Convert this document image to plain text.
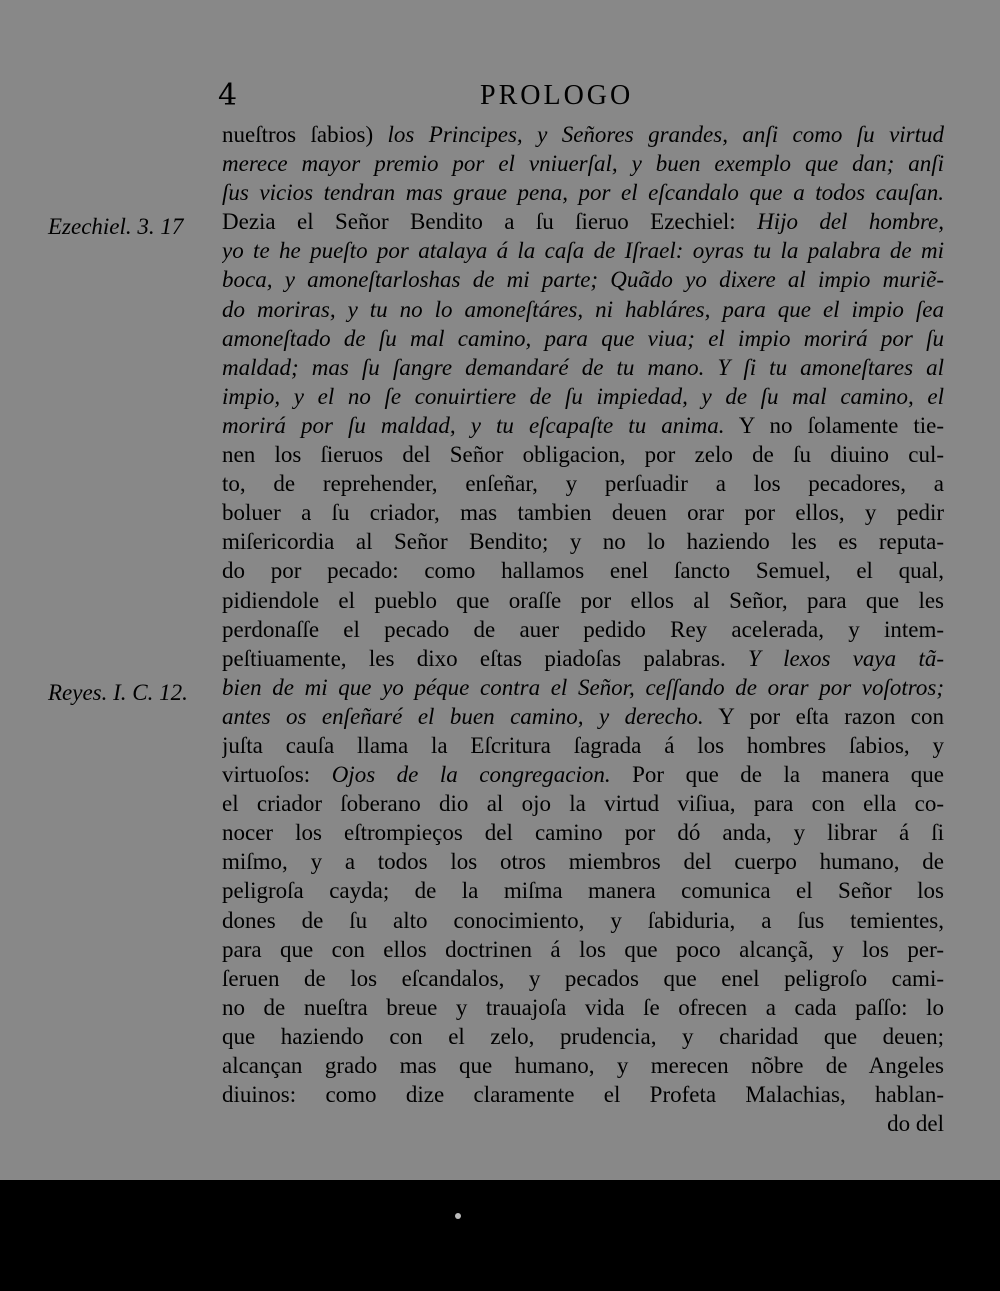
4	PROLOGO
Ezechiel. 3. 17
Reyes. I. C. 12.
nueſtros ſabios) los Principes, y Señores grandes, anſi como ſu virtud
merece mayor premio por el vniuerſal, y buen exemplo que dan; anſi
ſus vicios tendran mas graue pena, por el eſcandalo que a todos cauſan.
Dezia el Señor Bendito a ſu ſieruo Ezechiel: Hijo del hombre,
yo te he pueſto por atalaya á la caſa de Iſrael: oyras tu la palabra de mi
boca, y amoneſtarloshas de mi parte; Quãdo yo dixere al impio muriẽ-
do moriras, y tu no lo amoneſtáres, ni habláres, para que el impio ſea
amoneſtado de ſu mal camino, para que viua; el impio morirá por ſu
maldad; mas ſu ſangre demandaré de tu mano. Y ſi tu amoneſtares al
impio, y el no ſe conuirtiere de ſu impiedad, y de ſu mal camino, el
morirá por ſu maldad, y tu eſcapaſte tu anima. Y no ſolamente tie-
nen los ſieruos del Señor obligacion, por zelo de ſu diuino cul-
to, de reprehender, enſeñar, y perſuadir a los pecadores, a
boluer a ſu criador, mas tambien deuen orar por ellos, y pedir
miſericordia al Señor Bendito; y no lo haziendo les es reputa-
do por pecado: como hallamos enel ſancto Semuel, el qual,
pidiendole el pueblo que oraſſe por ellos al Señor, para que les
perdonaſſe el pecado de auer pedido Rey acelerada, y intem-
peſtiuamente, les dixo eſtas piadoſas palabras. Y lexos vaya tã-
bien de mi que yo péque contra el Señor, ceſſando de orar por voſotros;
antes os enſeñaré el buen camino, y derecho. Y por eſta razon con
juſta cauſa llama la Eſcritura ſagrada á los hombres ſabios, y
virtuoſos: Ojos de la congregacion. Por que de la manera que
el criador ſoberano dio al ojo la virtud viſiua, para con ella co-
nocer los eſtrompieços del camino por dó anda, y librar á ſi
miſmo, y a todos los otros miembros del cuerpo humano, de
peligroſa cayda; de la miſma manera comunica el Señor los
dones de ſu alto conocimiento, y ſabiduria, a ſus temientes,
para que con ellos doctrinen á los que poco alcançã, y los per-
ſeruen de los eſcandalos, y pecados que enel peligroſo cami-
no de nueſtra breue y trauajoſa vida ſe ofrecen a cada paſſo: lo
que haziendo con el zelo, prudencia, y charidad que deuen;
alcançan grado mas que humano, y merecen nõbre de Angeles
diuinos: como dize claramente el Profeta Malachias, hablan-
do del
